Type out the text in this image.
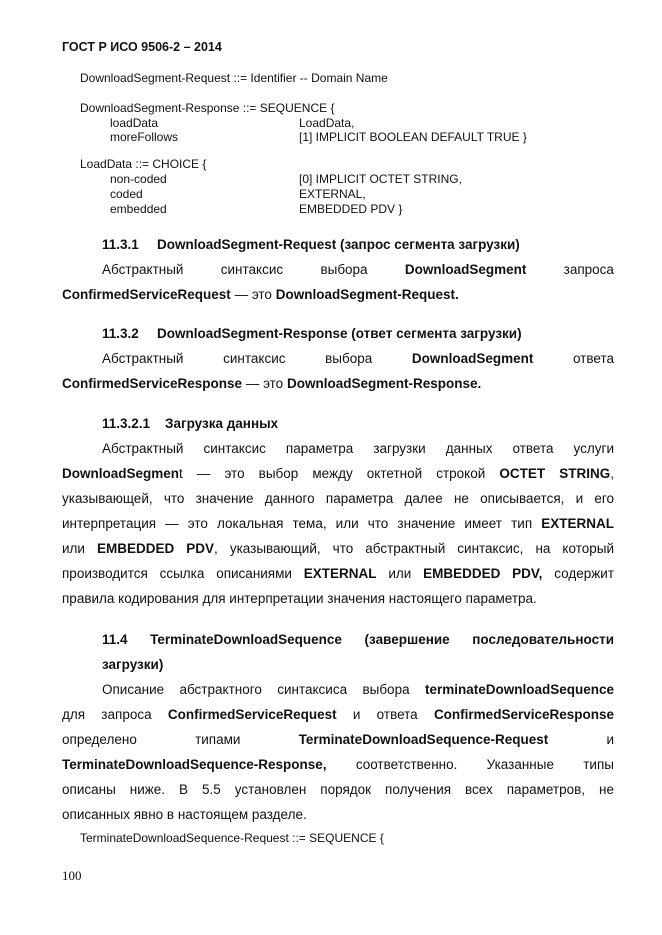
ГОСТ Р ИСО 9506-2 – 2014
DownloadSegment-Request ::= Identifier -- Domain Name
DownloadSegment-Response ::= SEQUENCE {
loadData	LoadData,
moreFollows	[1] IMPLICIT BOOLEAN DEFAULT TRUE }
LoadData ::= CHOICE {
non-coded	[0] IMPLICIT OCTET STRING,
coded	EXTERNAL,
embedded	EMBEDDED PDV }
11.3.1 DownloadSegment-Request (запрос сегмента загрузки)
Абстрактный	синтаксис	выбора	DownloadSegment	запроса
ConfirmedServiceRequest — это DownloadSegment-Request.
11.3.2 DownloadSegment-Response (ответ сегмента загрузки)
Абстрактный	синтаксис	выбора	DownloadSegment	ответа
ConfirmedServiceResponse — это DownloadSegment-Response.
11.3.2.1 Загрузка данных
Абстрактный синтаксис параметра загрузки данных ответа услуги
DownloadSegment — это выбор между октетной строкой OCTET STRING,
указывающей, что значение данного параметра далее не описывается, и его
интерпретация — это локальная тема, или что значение имеет тип EXTERNAL
или EMBEDDED PDV, указывающий, что абстрактный синтаксис, на который
производится ссылка описаниями EXTERNAL или EMBEDDED PDV, содержит
правила кодирования для интерпретации значения настоящего параметра.
11.4 TerminateDownloadSequence (завершение последовательности
загрузки)
Описание абстрактного синтаксиса выбора terminateDownloadSequence
для запроса ConfirmedServiceRequest и ответа ConfirmedServiceResponse
определено	типами	TerminateDownloadSequence-Request	и
TerminateDownloadSequence-Response, соответственно. Указанные типы
описаны ниже. В 5.5 установлен порядок получения всех параметров, не
описанных явно в настоящем разделе.
TerminateDownloadSequence-Request ::= SEQUENCE {
100
